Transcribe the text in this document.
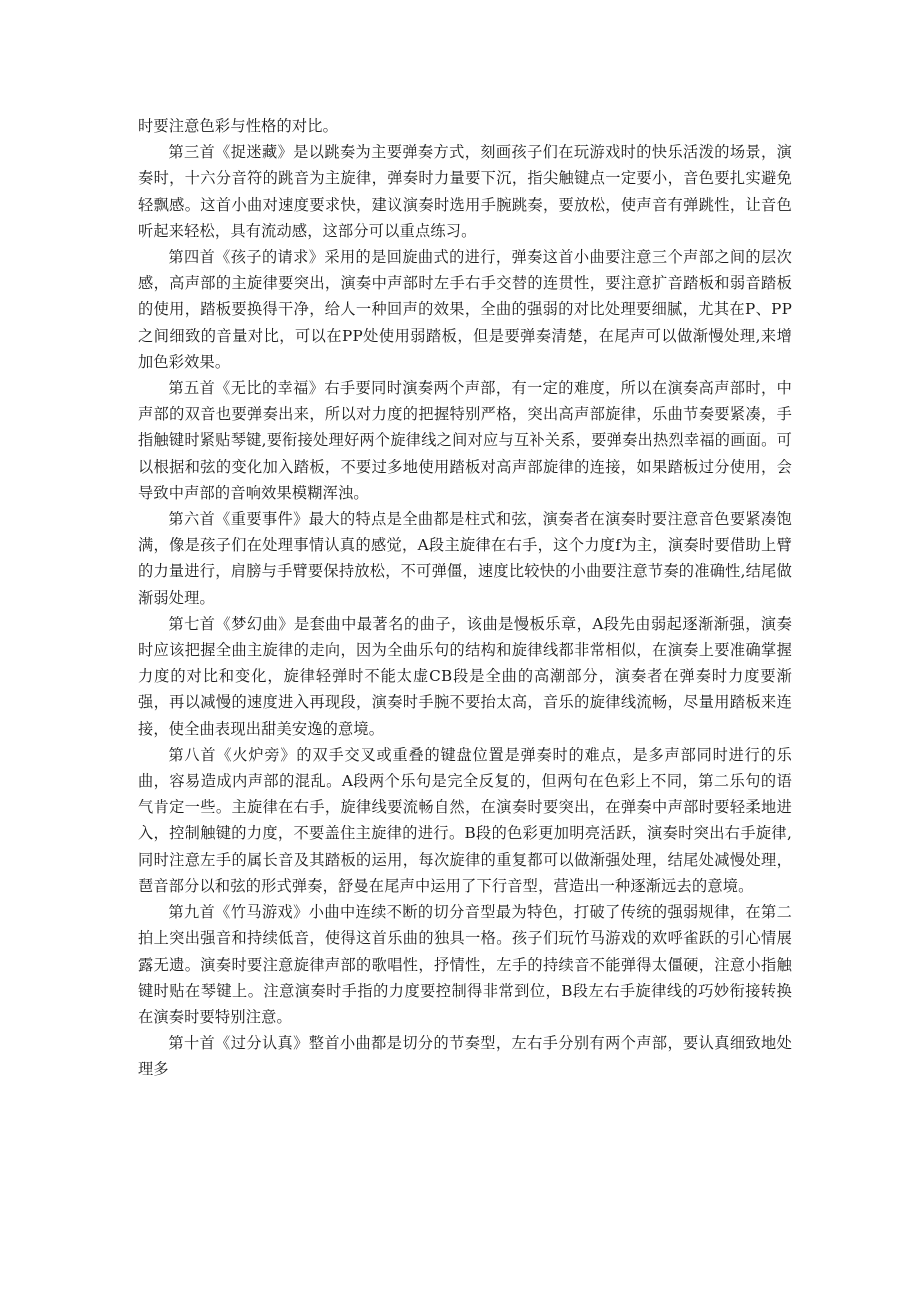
时要注意色彩与性格的对比。

第三首《捉迷藏》是以跳奏为主要弹奏方式，刻画孩子们在玩游戏时的快乐活泼的场景，演奏时，十六分音符的跳音为主旋律，弹奏时力量要下沉，指尖触键点一定要小，音色要扎实避免轻飘感。这首小曲对速度要求快，建议演奏时选用手腕跳奏，要放松，使声音有弹跳性，让音色听起来轻松，具有流动感，这部分可以重点练习。

第四首《孩子的请求》采用的是回旋曲式的进行，弹奏这首小曲要注意三个声部之间的层次感，高声部的主旋律要突出，演奏中声部时左手右手交替的连贯性，要注意扩音踏板和弱音踏板的使用，踏板要换得干净，给人一种回声的效果，全曲的强弱的对比处理要细腻，尤其在P、PP之间细致的音量对比，可以在PP处使用弱踏板，但是要弹奏清楚，在尾声可以做渐慢处理,来增加色彩效果。

第五首《无比的幸福》右手要同时演奏两个声部，有一定的难度，所以在演奏高声部时，中声部的双音也要弹奏出来，所以对力度的把握特别严格，突出高声部旋律，乐曲节奏要紧凑，手指触键时紧贴琴键,要衔接处理好两个旋律线之间对应与互补关系，要弹奏出热烈幸福的画面。可以根据和弦的变化加入踏板，不要过多地使用踏板对高声部旋律的连接，如果踏板过分使用，会导致中声部的音响效果模糊浑浊。

第六首《重要事件》最大的特点是全曲都是柱式和弦，演奏者在演奏时要注意音色要紧凑饱满，像是孩子们在处理事情认真的感觉，A段主旋律在右手，这个力度f为主，演奏时要借助上臂的力量进行，肩膀与手臂要保持放松，不可弹僵，速度比较快的小曲要注意节奏的准确性,结尾做渐弱处理。

第七首《梦幻曲》是套曲中最著名的曲子，该曲是慢板乐章，A段先由弱起逐渐渐强，演奏时应该把握全曲主旋律的走向，因为全曲乐句的结构和旋律线都非常相似，在演奏上要准确掌握力度的对比和变化，旋律轻弹时不能太虚CB段是全曲的高潮部分，演奏者在弹奏时力度要渐强，再以减慢的速度进入再现段，演奏时手腕不要抬太高，音乐的旋律线流畅，尽量用踏板来连接，使全曲表现出甜美安逸的意境。

第八首《火炉旁》的双手交叉或重叠的键盘位置是弹奏时的难点，是多声部同时进行的乐曲，容易造成内声部的混乱。A段两个乐句是完全反复的，但两句在色彩上不同，第二乐句的语气肯定一些。主旋律在右手，旋律线要流畅自然，在演奏时要突出，在弹奏中声部时要轻柔地进入，控制触键的力度，不要盖住主旋律的进行。B段的色彩更加明亮活跃，演奏时突出右手旋律,同时注意左手的属长音及其踏板的运用，每次旋律的重复都可以做渐强处理，结尾处减慢处理，琶音部分以和弦的形式弹奏，舒曼在尾声中运用了下行音型，营造出一种逐渐远去的意境。

第九首《竹马游戏》小曲中连续不断的切分音型最为特色，打破了传统的强弱规律，在第二拍上突出强音和持续低音，使得这首乐曲的独具一格。孩子们玩竹马游戏的欢呼雀跃的引心情展露无遗。演奏时要注意旋律声部的歌唱性，抒情性，左手的持续音不能弹得太僵硬，注意小指触键时贴在琴键上。注意演奏时手指的力度要控制得非常到位，B段左右手旋律线的巧妙衔接转换在演奏时要特别注意。

第十首《过分认真》整首小曲都是切分的节奏型，左右手分别有两个声部，要认真细致地处理多
